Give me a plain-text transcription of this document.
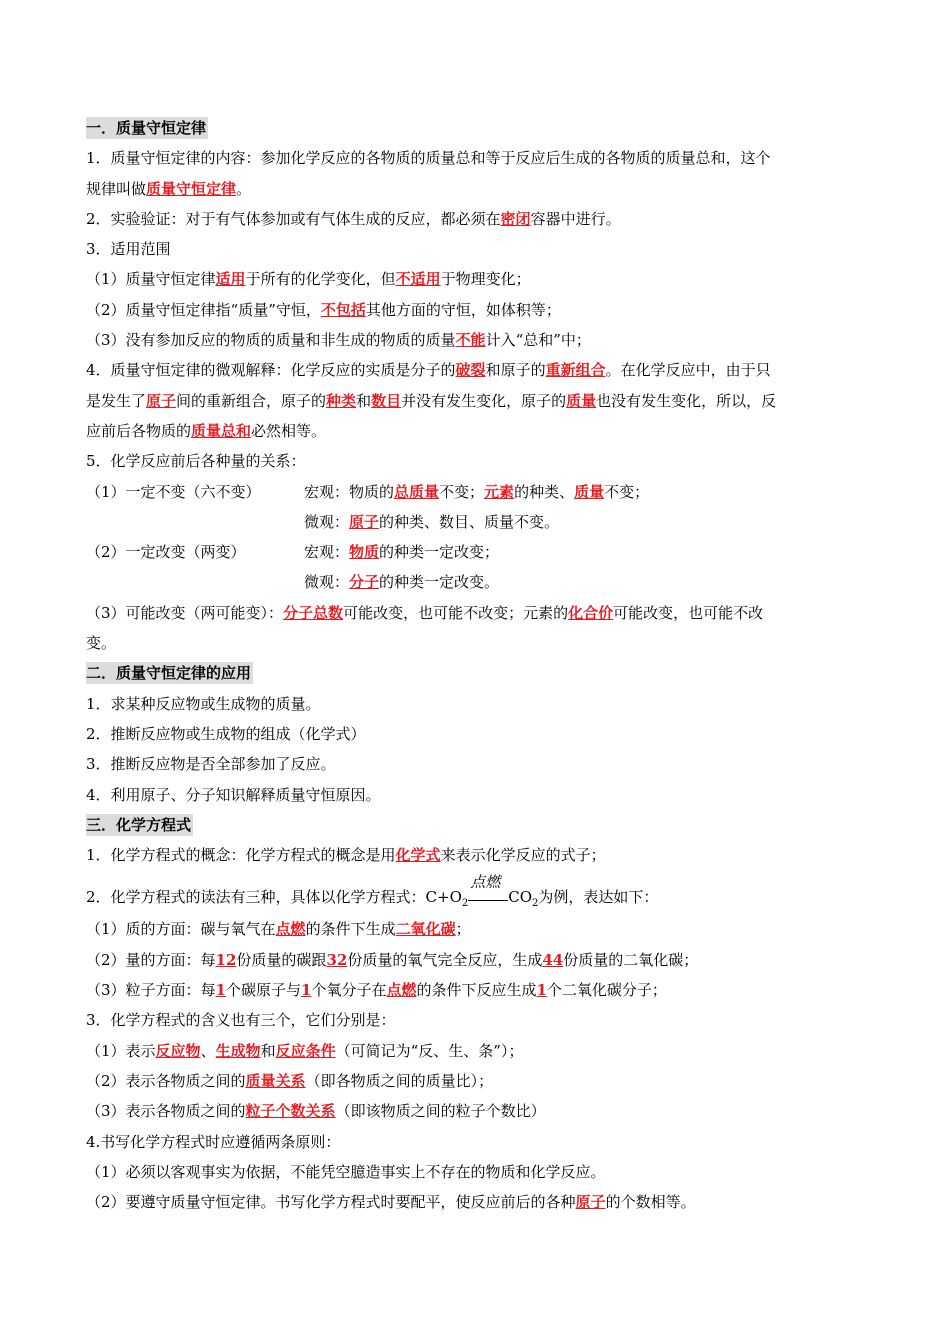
一．质量守恒定律
1．质量守恒定律的内容：参加化学反应的各物质的质量总和等于反应后生成的各物质的质量总和，这个
规律叫做质量守恒定律。
2．实验验证：对于有气体参加或有气体生成的反应，都必须在密闭容器中进行。
3．适用范围
（1）质量守恒定律适用于所有的化学变化，但不适用于物理变化；
（2）质量守恒定律指“质量”守恒，不包括其他方面的守恒，如体积等；
（3）没有参加反应的物质的质量和非生成的物质的质量不能计入“总和”中；
4．质量守恒定律的微观解释：化学反应的实质是分子的破裂和原子的重新组合。在化学反应中，由于只
是发生了原子间的重新组合，原子的种类和数目并没有发生变化，原子的质量也没有发生变化，所以，反
应前后各物质的质量总和必然相等。
5．化学反应前后各种量的关系：
（1）一定不变（六不变）	宏观：物质的总质量不变；元素的种类、质量不变；
微观：原子的种类、数目、质量不变。
（2）一定改变（两变）	宏观：物质的种类一定改变；
微观：分子的种类一定改变。
（3）可能改变（两可能变）：分子总数可能改变，也可能不改变；元素的化合价可能改变，也可能不改
变。
二．质量守恒定律的应用
1．求某种反应物或生成物的质量。
2．推断反应物或生成物的组成（化学式）
3．推断反应物是否全部参加了反应。
4．利用原子、分子知识解释质量守恒原因。
三．化学方程式
1．化学方程式的概念：化学方程式的概念是用化学式来表示化学反应的式子；
2．化学方程式的读法有三种，具体以化学方程式：$C+O_2$
点燃
$CO_2$为例，表达如下：
（1）质的方面：碳与氧气在点燃的条件下生成二氧化碳；
（2）量的方面：每12份质量的碳跟32份质量的氧气完全反应，生成44份质量的二氧化碳；
（3）粒子方面：每1个碳原子与1个氧分子在点燃的条件下反应生成1个二氧化碳分子；
3．化学方程式的含义也有三个，它们分别是：
（1）表示反应物、生成物和反应条件（可简记为“反、生、条”）；
（2）表示各物质之间的质量关系（即各物质之间的质量比）；
（3）表示各物质之间的粒子个数关系（即该物质之间的粒子个数比）
4.书写化学方程式时应遵循两条原则：
（1）必须以客观事实为依据，不能凭空臆造事实上不存在的物质和化学反应。
（2）要遵守质量守恒定律。书写化学方程式时要配平，使反应前后的各种原子的个数相等。
